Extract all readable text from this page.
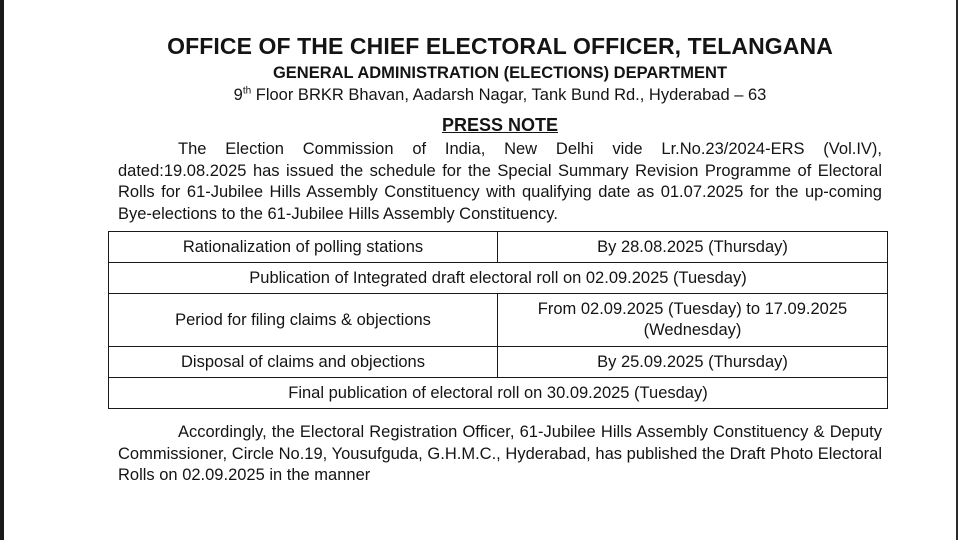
OFFICE OF THE CHIEF ELECTORAL OFFICER, TELANGANA
GENERAL ADMINISTRATION (ELECTIONS) DEPARTMENT
9th Floor BRKR Bhavan, Aadarsh Nagar, Tank Bund Rd., Hyderabad – 63
PRESS NOTE

The Election Commission of India, New Delhi vide Lr.No.23/2024-ERS (Vol.IV), dated:19.08.2025 has issued the schedule for the Special Summary Revision Programme of Electoral Rolls for 61-Jubilee Hills Assembly Constituency with qualifying date as 01.07.2025 for the up-coming Bye-elections to the 61-Jubilee Hills Assembly Constituency.

Rationalization of polling stations	By 28.08.2025 (Thursday)
Publication of Integrated draft electoral roll on 02.09.2025 (Tuesday)	
Period for filing claims & objections	From 02.09.2025 (Tuesday) to 17.09.2025
(Wednesday)
Disposal of claims and objections	By 25.09.2025 (Thursday)
Final publication of electoral roll on 30.09.2025 (Tuesday)	

Accordingly, the Electoral Registration Officer, 61-Jubilee Hills Assembly Constituency & Deputy Commissioner, Circle No.19, Yousufguda, G.H.M.C., Hyderabad, has published the Draft Photo Electoral Rolls on 02.09.2025 in the manner
